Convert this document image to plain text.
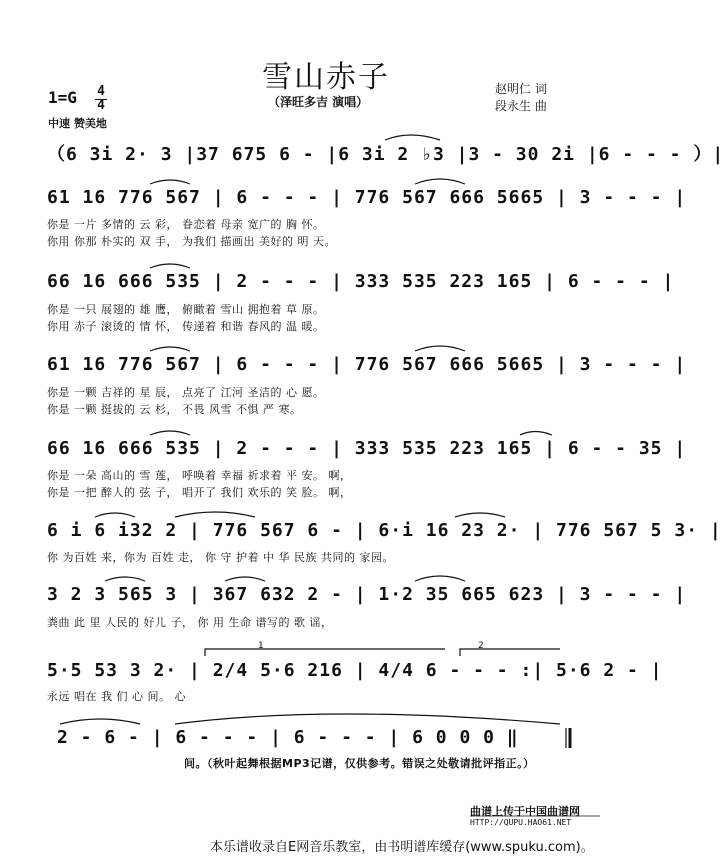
雪山赤子
（泽旺多吉 演唱）
赵明仁 词
段永生 曲
1=G 4
4
中速 赞美地
（6 3i 2· 3 |37 675 6 - |6 3i 2 ♭3 |3 - 30 2i |6 - - - ）|
61 16 776 567 | 6 - - - | 776 567 666 5665 | 3 - - - |
你是 一片 多情的 云 彩， 眷恋着 母亲 宽广的 胸 怀。
你用 你那 朴实的 双 手， 为我们 描画出 美好的 明 天。
66 16 666 535 | 2 - - - | 333 535 223 165 | 6 - - - |
你是 一只 展翅的 雄 鹰， 俯瞰着 雪山 拥抱着 草 原。
你用 赤子 滚烫的 情 怀， 传递着 和谐 春风的 温 暖。
61 16 776 567 | 6 - - - | 776 567 666 5665 | 3 - - - |
你是 一颗 吉祥的 星 辰， 点亮了 江河 圣洁的 心 愿。
你是 一颗 挺拔的 云 杉， 不畏 风雪 不惧 严 寒。
66 16 666 535 | 2 - - - | 333 535 223 165 | 6 - - 35 |
你是 一朵 高山的 雪 莲， 呼唤着 幸福 祈求着 平 安。 啊，
你是 一把 醉人的 弦 子， 唱开了 我们 欢乐的 笑 脸。 啊，
6 i 6 i32 2 | 776 567 6 - | 6·i 16 23 2· | 776 567 5 3· |
你 为百姓 来，你为 百姓 走， 你 守 护着 中 华 民族 共同的 家园。
3 2 3 565 3 | 367 632 2 - | 1·2 35 665 623 | 3 - - - |
粪曲 此 里 人民的 好儿 子， 你 用 生命 谱写的 歌 谣，
1	2
5·5 53 3 2· | 2/4 5·6 216 | 4/4 6 - - - :| 5·6 2 - |
永远 唱在 我 们 心 间。 心
2 - 6 - | 6 - - - | 6 - - - | 6 0 0 0 ‖
间。（秋叶起舞根据MP3记谱，仅供参考。错误之处敬请批评指正。）
曲谱上传于中国曲谱网
HTTP://QUPU.HAO61.NET
本乐谱收录自E网音乐教室，由书明谱库缓存(www.spuku.com)。
